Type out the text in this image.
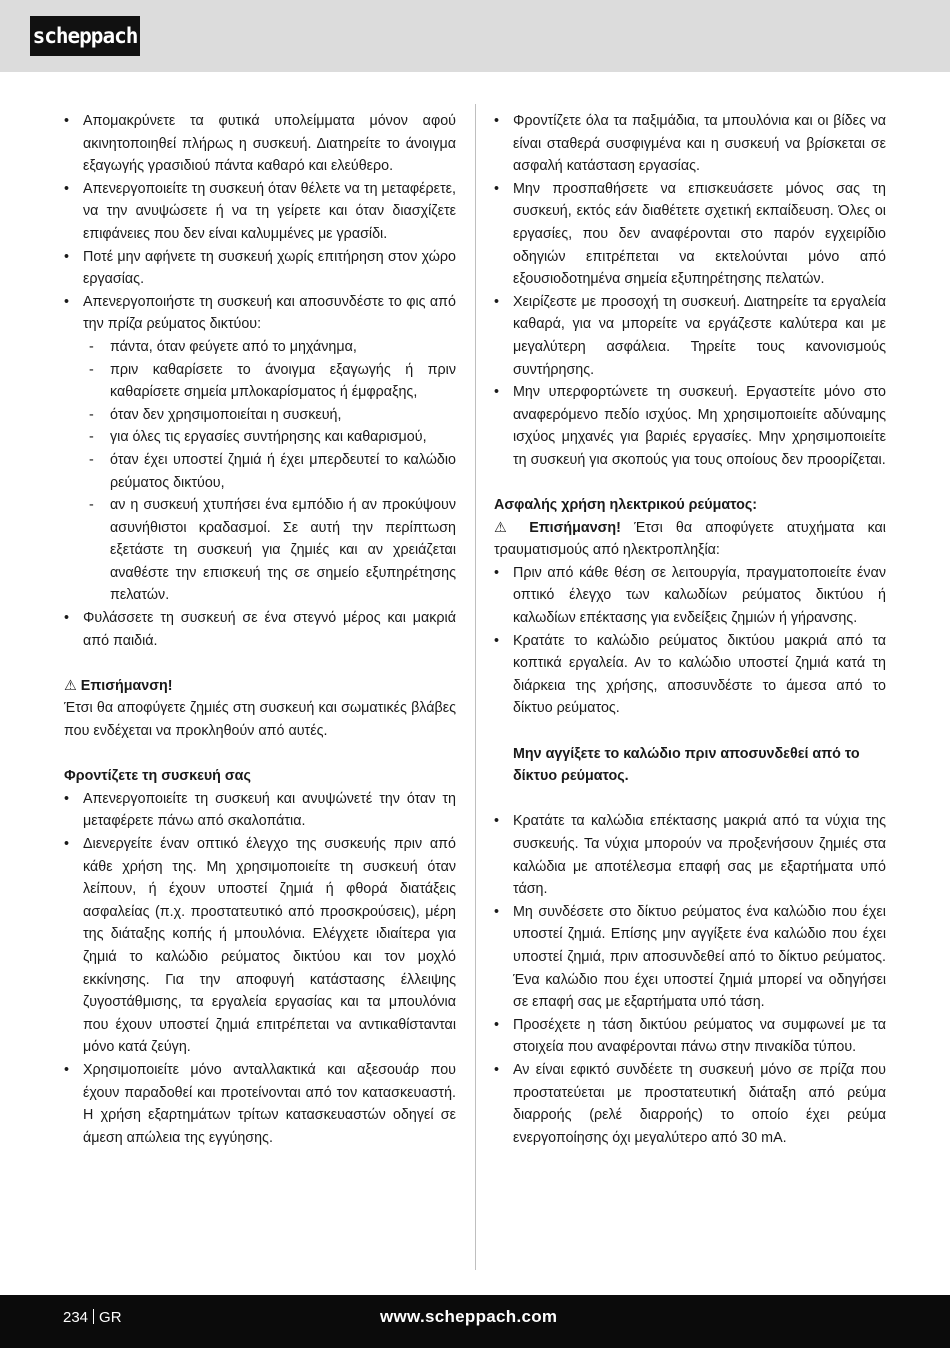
scheppach
• Απομακρύνετε τα φυτικά υπολείμματα μόνον αφού ακινητοποιηθεί πλήρως η συσκευή. Διατηρείτε το άνοιγμα εξαγωγής γρασιδιού πάντα καθαρό και ελεύθερο.
• Απενεργοποιείτε τη συσκευή όταν θέλετε να τη μεταφέρετε, να την ανυψώσετε ή να τη γείρετε και όταν διασχίζετε επιφάνειες που δεν είναι καλυμμένες με γρασίδι.
• Ποτέ μην αφήνετε τη συσκευή χωρίς επιτήρηση στον χώρο εργασίας.
• Απενεργοποιήστε τη συσκευή και αποσυνδέστε το φις από την πρίζα ρεύματος δικτύου:
- πάντα, όταν φεύγετε από το μηχάνημα,
- πριν καθαρίσετε το άνοιγμα εξαγωγής ή πριν καθαρίσετε σημεία μπλοκαρίσματος ή έμφραξης,
- όταν δεν χρησιμοποιείται η συσκευή,
- για όλες τις εργασίες συντήρησης και καθαρισμού,
- όταν έχει υποστεί ζημιά ή έχει μπερδευτεί το καλώδιο ρεύματος δικτύου,
- αν η συσκευή χτυπήσει ένα εμπόδιο ή αν προκύψουν ασυνήθιστοι κραδασμοί. Σε αυτή την περίπτωση εξετάστε τη συσκευή για ζημιές και αν χρειάζεται αναθέστε την επισκευή της σε σημείο εξυπηρέτησης πελατών.
• Φυλάσσετε τη συσκευή σε ένα στεγνό μέρος και μακριά από παιδιά.
⚠ Επισήμανση!
Έτσι θα αποφύγετε ζημιές στη συσκευή και σωματικές βλάβες που ενδέχεται να προκληθούν από αυτές.
Φροντίζετε τη συσκευή σας
• Απενεργοποιείτε τη συσκευή και ανυψώνετέ την όταν τη μεταφέρετε πάνω από σκαλοπάτια.
• Διενεργείτε έναν οπτικό έλεγχο της συσκευής πριν από κάθε χρήση της. Μη χρησιμοποιείτε τη συσκευή όταν λείπουν, ή έχουν υποστεί ζημιά ή φθορά διατάξεις ασφαλείας (π.χ. προστατευτικό από προσκρούσεις), μέρη της διάταξης κοπής ή μπουλόνια. Ελέγχετε ιδιαίτερα για ζημιά το καλώδιο ρεύματος δικτύου και τον μοχλό εκκίνησης. Για την αποφυγή κατάστασης έλλειψης ζυγοστάθμισης, τα εργαλεία εργασίας και τα μπουλόνια που έχουν υποστεί ζημιά επιτρέπεται να αντικαθίστανται μόνο κατά ζεύγη.
• Χρησιμοποιείτε μόνο ανταλλακτικά και αξεσουάρ που έχουν παραδοθεί και προτείνονται από τον κατασκευαστή. Η χρήση εξαρτημάτων τρίτων κατασκευαστών οδηγεί σε άμεση απώλεια της εγγύησης.
• Φροντίζετε όλα τα παξιμάδια, τα μπουλόνια και οι βίδες να είναι σταθερά συσφιγμένα και η συσκευή να βρίσκεται σε ασφαλή κατάσταση εργασίας.
• Μην προσπαθήσετε να επισκευάσετε μόνος σας τη συσκευή, εκτός εάν διαθέτετε σχετική εκπαίδευση. Όλες οι εργασίες, που δεν αναφέρονται στο παρόν εγχειρίδιο οδηγιών επιτρέπεται να εκτελούνται μόνο από εξουσιοδοτημένα σημεία εξυπηρέτησης πελατών.
• Χειρίζεστε με προσοχή τη συσκευή. Διατηρείτε τα εργαλεία καθαρά, για να μπορείτε να εργάζεστε καλύτερα και με μεγαλύτερη ασφάλεια. Τηρείτε τους κανονισμούς συντήρησης.
• Μην υπερφορτώνετε τη συσκευή. Εργαστείτε μόνο στο αναφερόμενο πεδίο ισχύος. Μη χρησιμοποιείτε αδύναμης ισχύος μηχανές για βαριές εργασίες. Μην χρησιμοποιείτε τη συσκευή για σκοπούς για τους οποίους δεν προορίζεται.
Ασφαλής χρήση ηλεκτρικού ρεύματος:
⚠ Επισήμανση! Έτσι θα αποφύγετε ατυχήματα και τραυματισμούς από ηλεκτροπληξία:
• Πριν από κάθε θέση σε λειτουργία, πραγματοποιείτε έναν οπτικό έλεγχο των καλωδίων ρεύματος δικτύου ή καλωδίων επέκτασης για ενδείξεις ζημιών ή γήρανσης.
• Κρατάτε το καλώδιο ρεύματος δικτύου μακριά από τα κοπτικά εργαλεία. Αν το καλώδιο υποστεί ζημιά κατά τη διάρκεια της χρήσης, αποσυνδέστε το άμεσα από το δίκτυο ρεύματος.
Μην αγγίξετε το καλώδιο πριν αποσυνδεθεί από το δίκτυο ρεύματος.
• Κρατάτε τα καλώδια επέκτασης μακριά από τα νύχια της συσκευής. Τα νύχια μπορούν να προξενήσουν ζημιές στα καλώδια με αποτέλεσμα επαφή σας με εξαρτήματα υπό τάση.
• Μη συνδέσετε στο δίκτυο ρεύματος ένα καλώδιο που έχει υποστεί ζημιά. Επίσης μην αγγίξετε ένα καλώδιο που έχει υποστεί ζημιά, πριν αποσυνδεθεί από το δίκτυο ρεύματος. Ένα καλώδιο που έχει υποστεί ζημιά μπορεί να οδηγήσει σε επαφή σας με εξαρτήματα υπό τάση.
• Προσέχετε η τάση δικτύου ρεύματος να συμφωνεί με τα στοιχεία που αναφέρονται πάνω στην πινακίδα τύπου.
• Αν είναι εφικτό συνδέετε τη συσκευή μόνο σε πρίζα που προστατεύεται με προστατευτική διάταξη από ρεύμα διαρροής (ρελέ διαρροής) το οποίο έχει ρεύμα ενεργοποίησης όχι μεγαλύτερο από 30 mA.
234 GR	www.scheppach.com
